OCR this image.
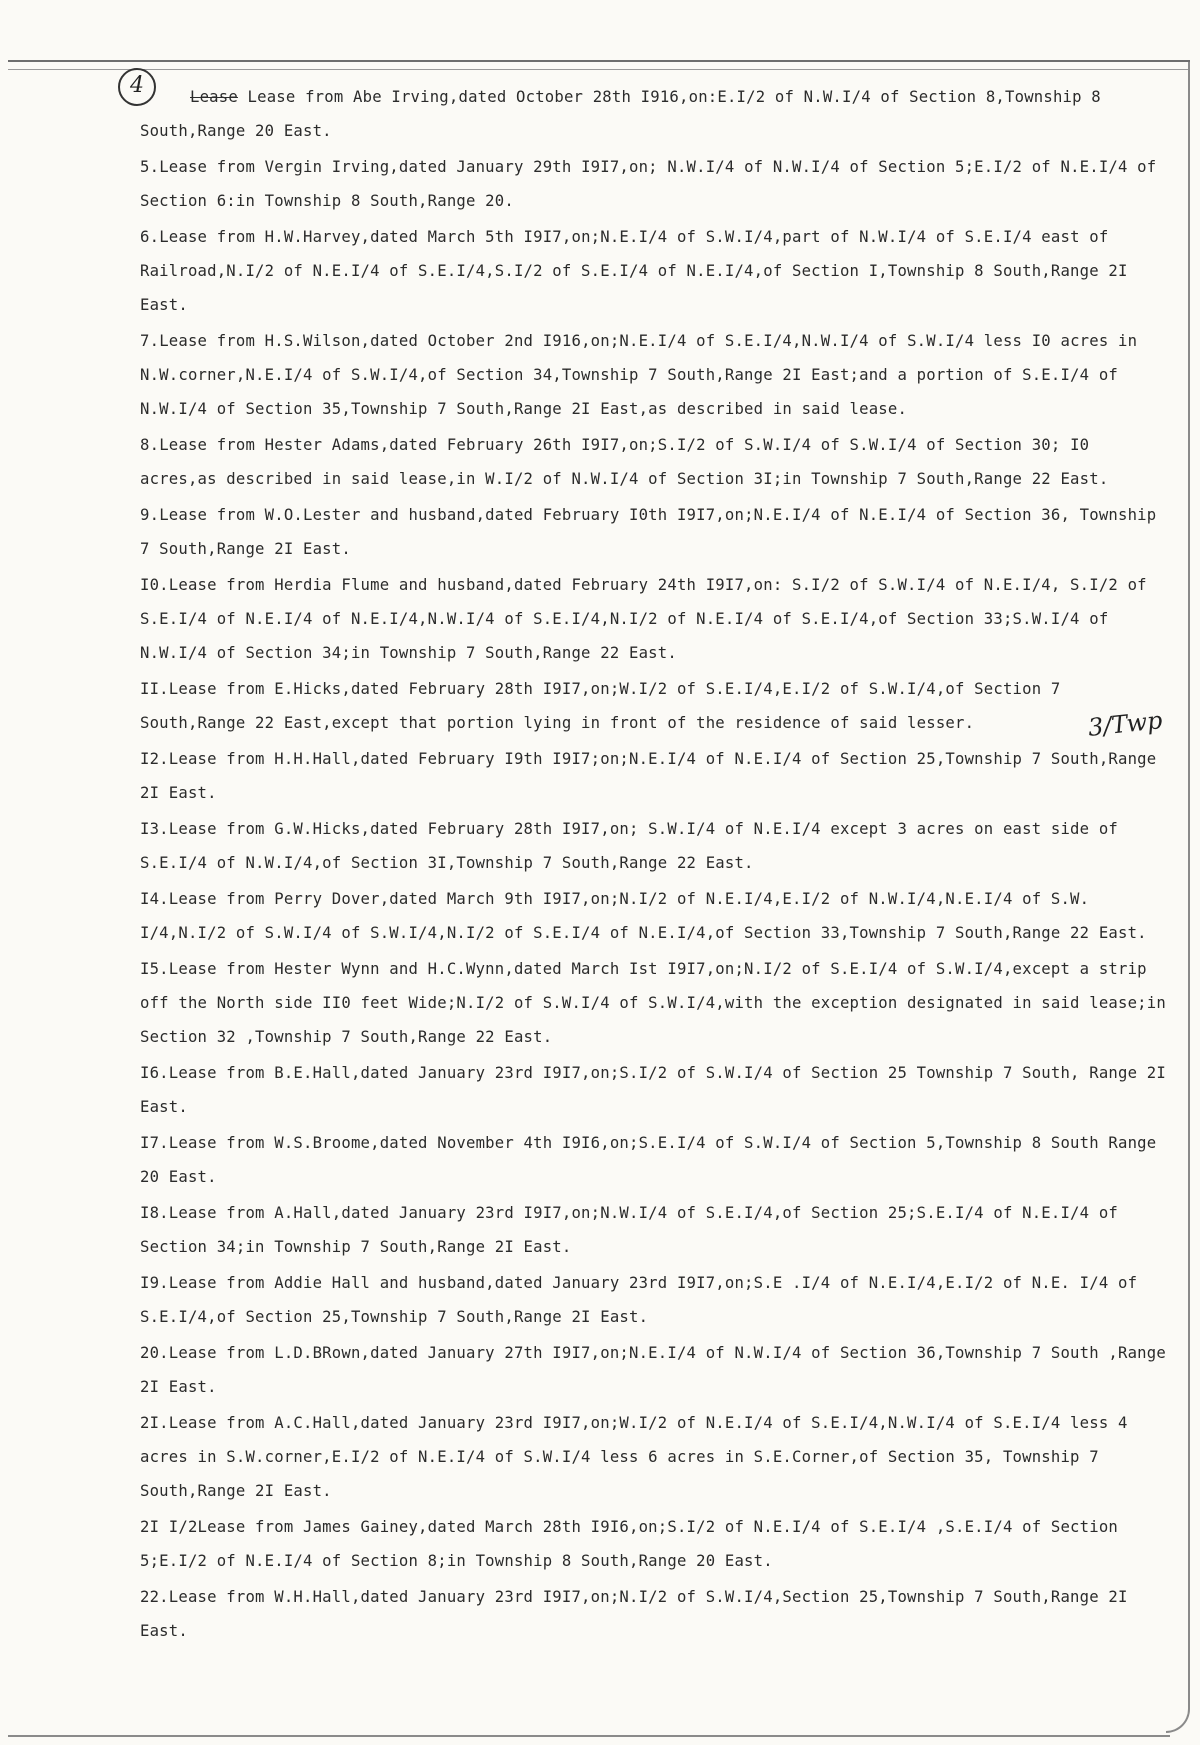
4
3/Twp

Lease Lease from Abe Irving,dated October 28th I916,on:E.I/2 of N.W.I/4 of Section 8,Township 8 South,Range 20 East.

5.Lease from Vergin Irving,dated January 29th I9I7,on; N.W.I/4 of N.W.I/4 of Section 5;E.I/2 of N.E.I/4 of Section 6:in Township 8 South,Range 20.

6.Lease from H.W.Harvey,dated March 5th I9I7,on;N.E.I/4 of S.W.I/4,part of N.W.I/4 of S.E.I/4 east of Railroad,N.I/2 of N.E.I/4 of S.E.I/4,S.I/2 of S.E.I/4 of N.E.I/4,of Section I,Township 8 South,Range 2I East.

7.Lease from H.S.Wilson,dated October 2nd I916,on;N.E.I/4 of S.E.I/4,N.W.I/4 of S.W.I/4 less I0 acres in N.W.corner,N.E.I/4 of S.W.I/4,of Section 34,Township 7 South,Range 2I East;and a portion of S.E.I/4 of N.W.I/4 of Section 35,Township 7 South,Range 2I East,as described in said lease.

8.Lease from Hester Adams,dated February 26th I9I7,on;S.I/2 of S.W.I/4 of S.W.I/4 of Section 30; I0 acres,as described in said lease,in W.I/2 of N.W.I/4 of Section 3I;in Township 7 South,Range 22 East.

9.Lease from W.O.Lester and husband,dated February I0th I9I7,on;N.E.I/4 of N.E.I/4 of Section 36, Township 7 South,Range 2I East.

I0.Lease from Herdia Flume and husband,dated February 24th I9I7,on: S.I/2 of S.W.I/4 of N.E.I/4, S.I/2 of S.E.I/4 of N.E.I/4 of N.E.I/4,N.W.I/4 of S.E.I/4,N.I/2 of N.E.I/4 of S.E.I/4,of Section 33;S.W.I/4 of N.W.I/4 of Section 34;in Township 7 South,Range 22 East.

II.Lease from E.Hicks,dated February 28th I9I7,on;W.I/2 of S.E.I/4,E.I/2 of S.W.I/4,of Section 7 South,Range 22 East,except that portion lying in front of the residence of said lesser.

I2.Lease from H.H.Hall,dated February I9th I9I7;on;N.E.I/4 of N.E.I/4 of Section 25,Township 7 South,Range 2I East.

I3.Lease from G.W.Hicks,dated February 28th I9I7,on; S.W.I/4 of N.E.I/4 except 3 acres on east side of S.E.I/4 of N.W.I/4,of Section 3I,Township 7 South,Range 22 East.

I4.Lease from Perry Dover,dated March 9th I9I7,on;N.I/2 of N.E.I/4,E.I/2 of N.W.I/4,N.E.I/4 of S.W. I/4,N.I/2 of S.W.I/4 of S.W.I/4,N.I/2 of S.E.I/4 of N.E.I/4,of Section 33,Township 7 South,Range 22 East.

I5.Lease from Hester Wynn and H.C.Wynn,dated March Ist I9I7,on;N.I/2 of S.E.I/4 of S.W.I/4,except a strip off the North side II0 feet Wide;N.I/2 of S.W.I/4 of S.W.I/4,with the exception designated in said lease;in Section 32 ,Township 7 South,Range 22 East.

I6.Lease from B.E.Hall,dated January 23rd I9I7,on;S.I/2 of S.W.I/4 of Section 25 Township 7 South, Range 2I East.

I7.Lease from W.S.Broome,dated November 4th I9I6,on;S.E.I/4 of S.W.I/4 of Section 5,Township 8 South Range 20 East.

I8.Lease from A.Hall,dated January 23rd I9I7,on;N.W.I/4 of S.E.I/4,of Section 25;S.E.I/4 of N.E.I/4 of Section 34;in Township 7 South,Range 2I East.

I9.Lease from Addie Hall and husband,dated January 23rd I9I7,on;S.E .I/4 of N.E.I/4,E.I/2 of N.E. I/4 of S.E.I/4,of Section 25,Township 7 South,Range 2I East.

20.Lease from L.D.BRown,dated January 27th I9I7,on;N.E.I/4 of N.W.I/4 of Section 36,Township 7 South ,Range 2I East.

2I.Lease from A.C.Hall,dated January 23rd I9I7,on;W.I/2 of N.E.I/4 of S.E.I/4,N.W.I/4 of S.E.I/4 less 4 acres in S.W.corner,E.I/2 of N.E.I/4 of S.W.I/4 less 6 acres in S.E.Corner,of Section 35, Township 7 South,Range 2I East.

2I I/2Lease from James Gainey,dated March 28th I9I6,on;S.I/2 of N.E.I/4 of S.E.I/4 ,S.E.I/4 of Section 5;E.I/2 of N.E.I/4 of Section 8;in Township 8 South,Range 20 East.

22.Lease from W.H.Hall,dated January 23rd I9I7,on;N.I/2 of S.W.I/4,Section 25,Township 7 South,Range 2I East.
